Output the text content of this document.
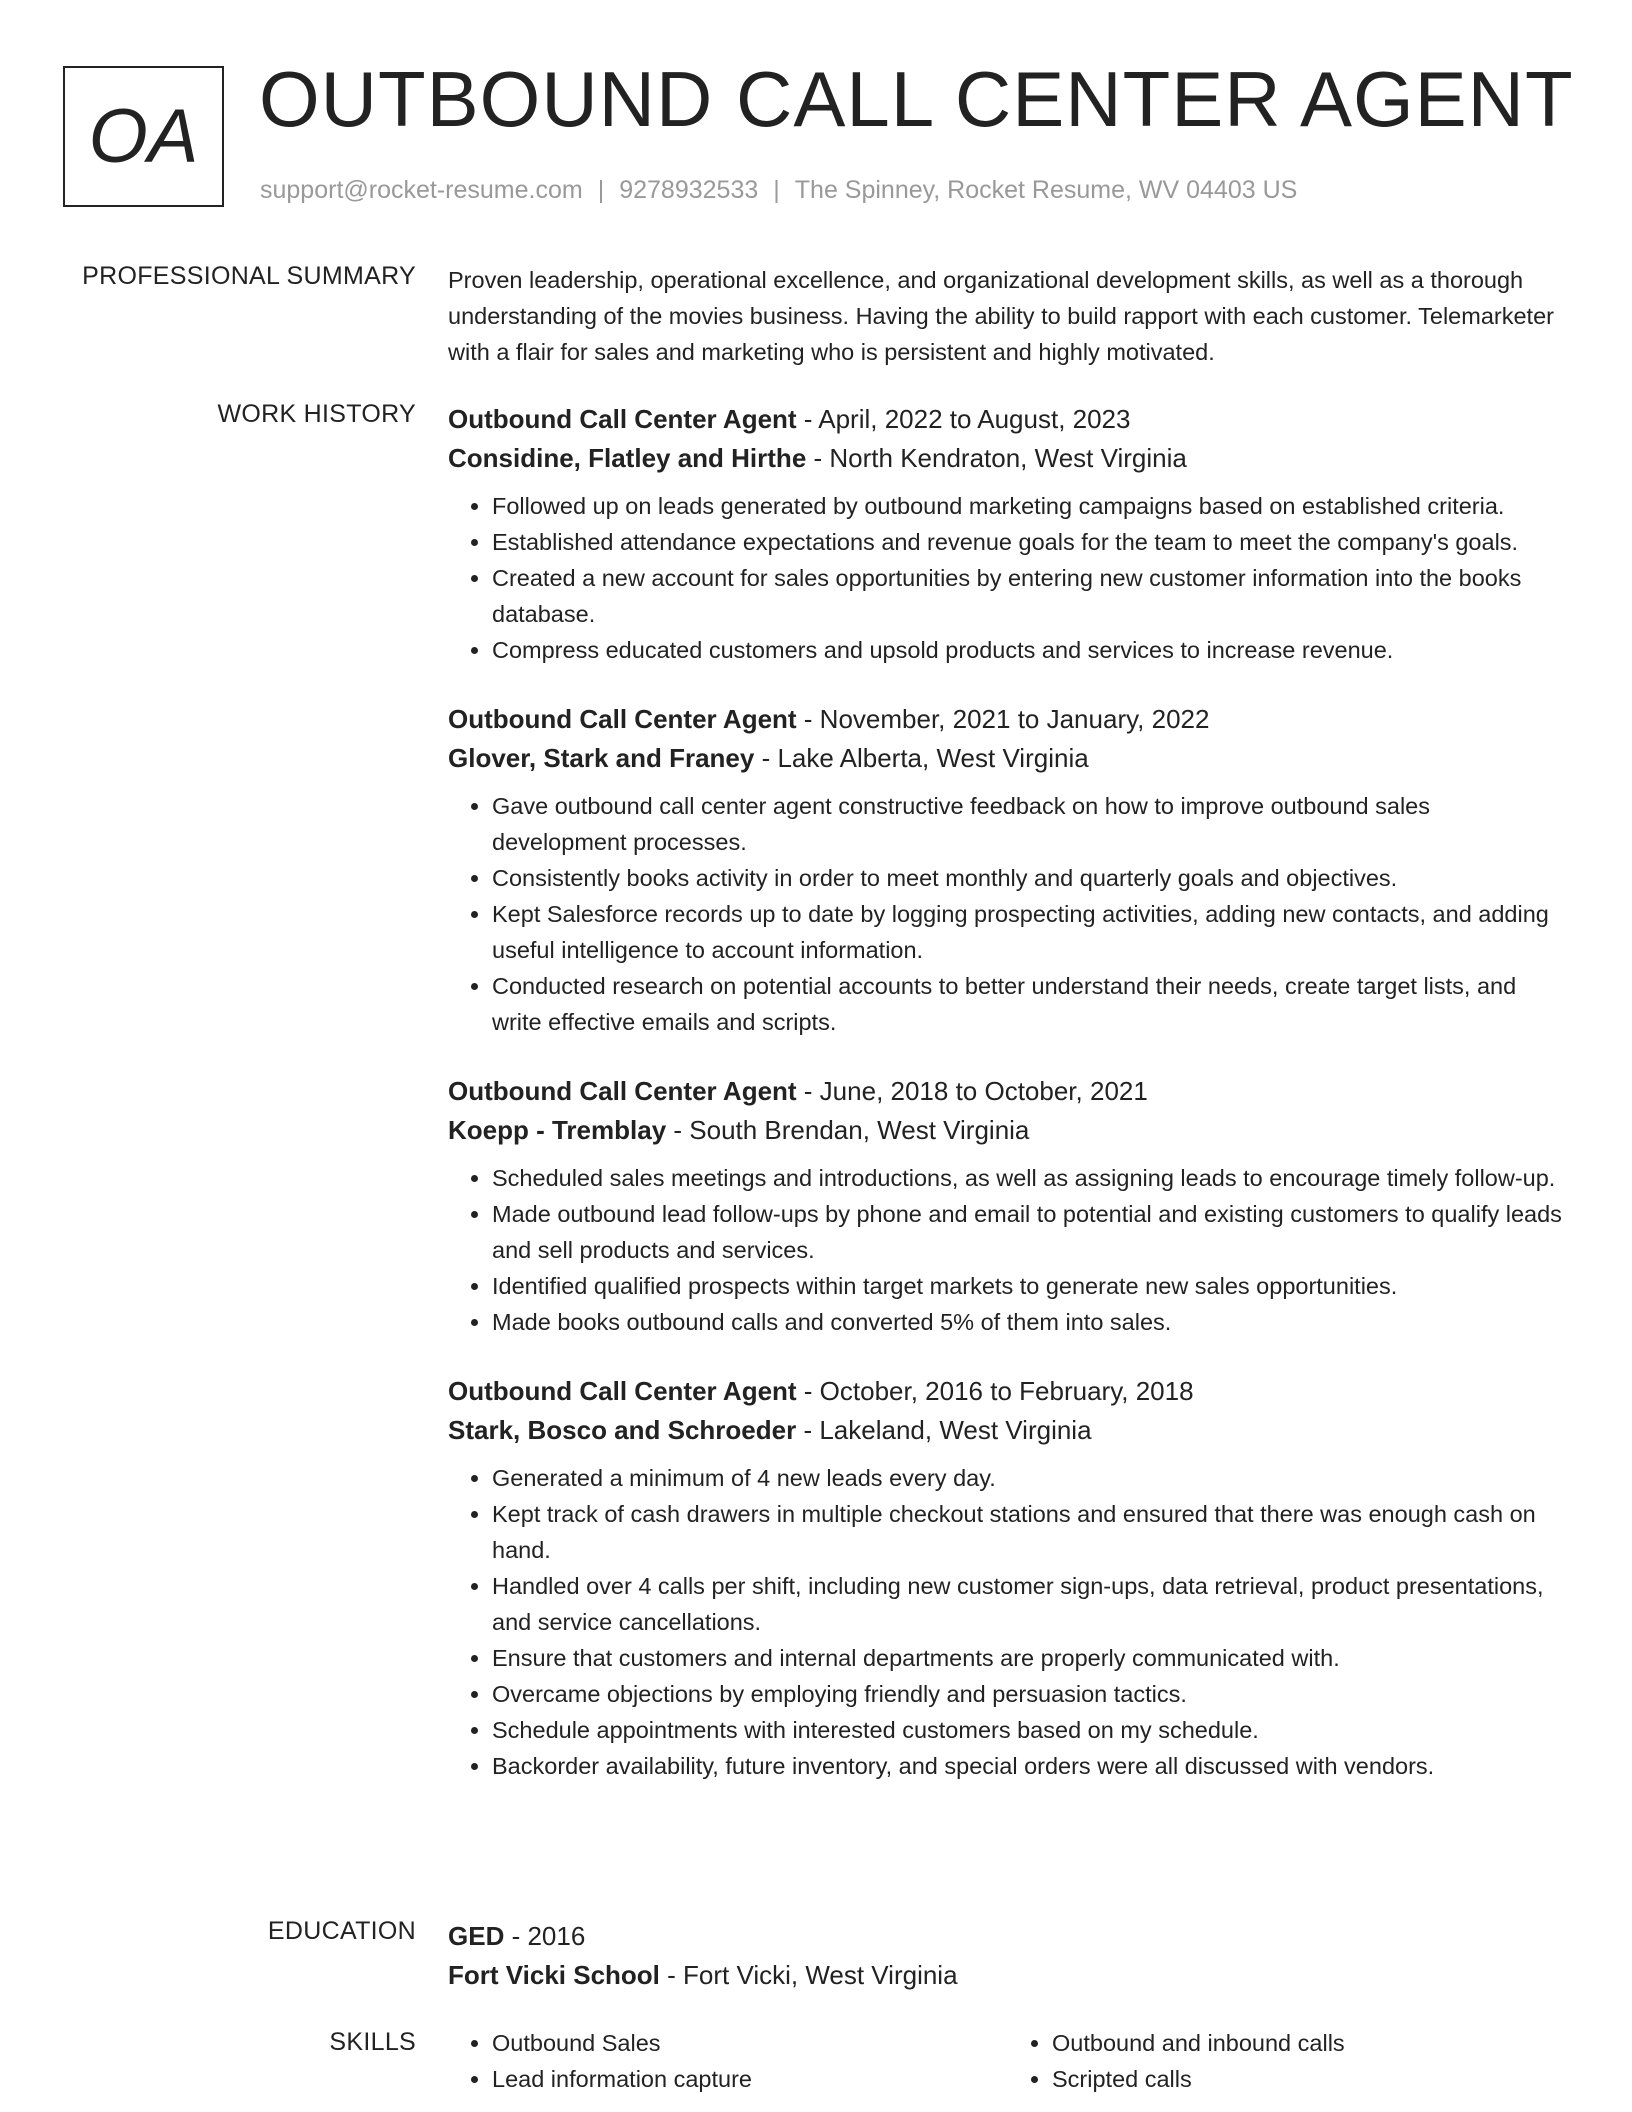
OA OUTBOUND CALL CENTER AGENT
support@rocket-resume.com | 9278932533 | The Spinney, Rocket Resume, WV 04403 US
PROFESSIONAL SUMMARY Proven leadership, operational excellence, and organizational development skills, as well as a thorough understanding of the movies business. Having the ability to build rapport with each customer. Telemarketer with a flair for sales and marketing who is persistent and highly motivated.

WORK HISTORY Outbound Call Center Agent - April, 2022 to August, 2023
Considine, Flatley and Hirthe - North Kendraton, West Virginia
• Followed up on leads generated by outbound marketing campaigns based on established criteria.
• Established attendance expectations and revenue goals for the team to meet the company's goals.
• Created a new account for sales opportunities by entering new customer information into the books database.
• Compress educated customers and upsold products and services to increase revenue.
Outbound Call Center Agent - November, 2021 to January, 2022
Glover, Stark and Franey - Lake Alberta, West Virginia
• Gave outbound call center agent constructive feedback on how to improve outbound sales development processes.
• Consistently books activity in order to meet monthly and quarterly goals and objectives.
• Kept Salesforce records up to date by logging prospecting activities, adding new contacts, and adding useful intelligence to account information.
• Conducted research on potential accounts to better understand their needs, create target lists, and write effective emails and scripts.
Outbound Call Center Agent - June, 2018 to October, 2021
Koepp - Tremblay - South Brendan, West Virginia
• Scheduled sales meetings and introductions, as well as assigning leads to encourage timely follow-up.
• Made outbound lead follow-ups by phone and email to potential and existing customers to qualify leads and sell products and services.
• Identified qualified prospects within target markets to generate new sales opportunities.
• Made books outbound calls and converted 5% of them into sales.
Outbound Call Center Agent - October, 2016 to February, 2018
Stark, Bosco and Schroeder - Lakeland, West Virginia
• Generated a minimum of 4 new leads every day.
• Kept track of cash drawers in multiple checkout stations and ensured that there was enough cash on hand.
• Handled over 4 calls per shift, including new customer sign-ups, data retrieval, product presentations, and service cancellations.
• Ensure that customers and internal departments are properly communicated with.
• Overcame objections by employing friendly and persuasion tactics.
• Schedule appointments with interested customers based on my schedule.
• Backorder availability, future inventory, and special orders were all discussed with vendors.
EDUCATION GED - 2016
Fort Vicki School - Fort Vicki, West Virginia
SKILLS
•	Outbound Sales
• Lead information capture
• Outbound and inbound calls
• Scripted calls
